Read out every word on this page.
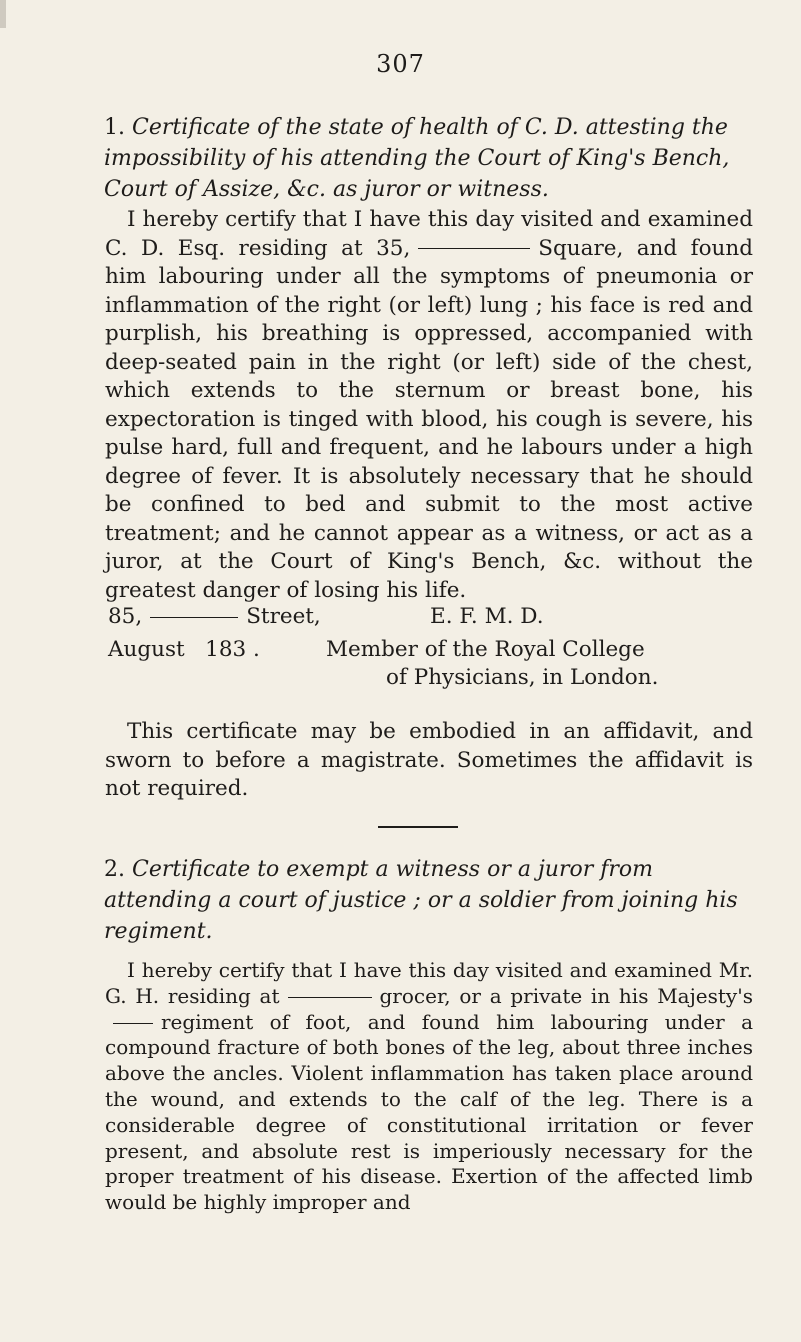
307

1. Certificate of the state of health of C. D. attesting the impossibility of his attending the Court of King's Bench, Court of Assize, &c. as juror or witness.

I hereby certify that I have this day visited and examined C. D. Esq. residing at 35,	Square, and found him labouring under all the symptoms of pneumonia or inflammation of the right (or left) lung ; his face is red and purplish, his breathing is oppressed, accompanied with deep-seated pain in the right (or left) side of the chest, which extends to the sternum or breast bone, his expectoration is tinged with blood, his cough is severe, his pulse hard, full and frequent, and he labours under a high degree of fever. It is absolutely necessary that he should be confined to bed and submit to the most active treatment; and he cannot appear as a witness, or act as a juror, at the Court of King's Bench, &c. without the greatest danger of losing his life.

85,	Street,	E. F. M. D.
August   183 .	Member of the Royal College
of Physicians, in London.

This certificate may be embodied in an affidavit, and sworn to before a magistrate. Sometimes the affidavit is not required.

2. Certificate to exempt a witness or a juror from attending a court of justice ; or a soldier from joining his regiment.

I hereby certify that I have this day visited and examined Mr. G. H. residing at	grocer, or a private in his Majesty'sregiment of foot, and found him labouring under a compound fracture of both bones of the leg, about three inches above the ancles. Violent inflammation has taken place around the wound, and extends to the calf of the leg. There is a considerable degree of constitutional irritation or fever present, and absolute rest is imperiously necessary for the proper treatment of his disease. Exertion of the affected limb would be highly improper and
